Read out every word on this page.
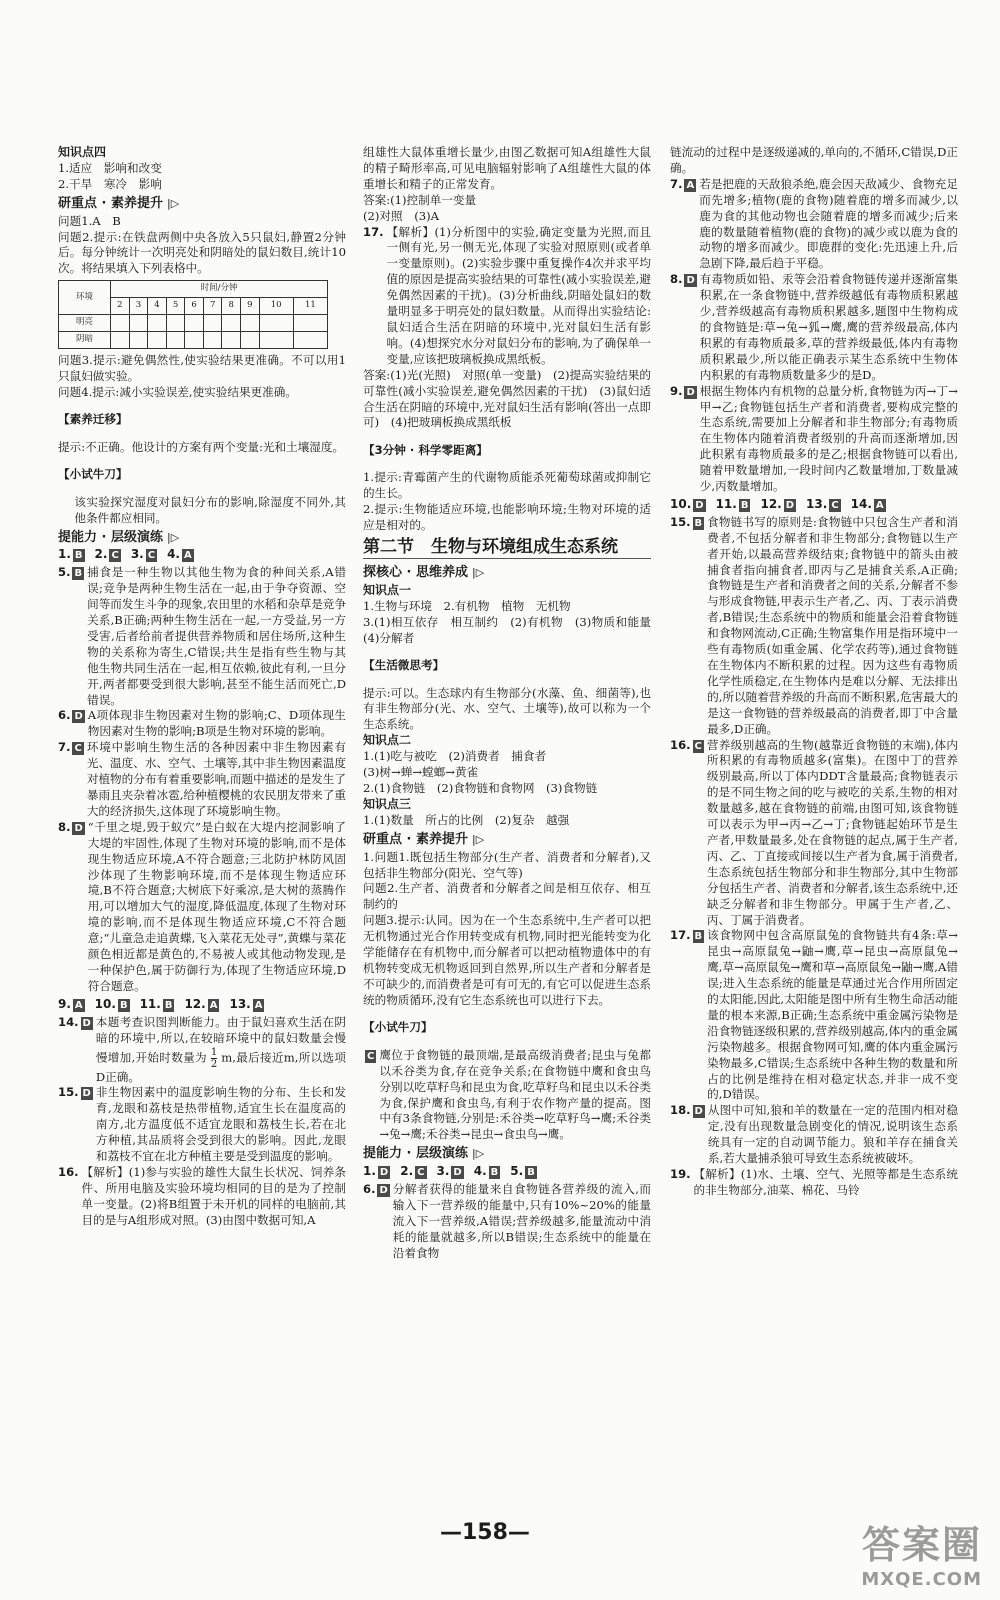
知识点四

1.适应　影响和改变

2.干旱　寒冷　影响

研重点 · 素养提升 |▷

问题1.A　B

问题2.提示:在铁盘两侧中央各放入5只鼠妇,静置2分钟后。每分钟统计一次明亮处和阴暗处的鼠妇数目,统计10次。将结果填入下列表格中。

环境	时间/分钟									
	2	3	4	5	6	7	8	9	10	11
明亮										
阴暗										

问题3.提示:避免偶然性,使实验结果更准确。不可以用1只鼠妇做实验。

问题4.提示:减小实验误差,使实验结果更准确。

【素养迁移】

提示:不正确。他设计的方案有两个变量:光和土壤湿度。

【小试牛刀】

该实验探究湿度对鼠妇分布的影响,除湿度不同外,其他条件都应相同。
提能力 · 层级演练 |▷
1. B 2. C 3. C 4. A
5. B 捕食是一种生物以其他生物为食的种间关系,A错误;竞争是两种生物生活在一起,由于争夺资源、空间等而发生斗争的现象,农田里的水稻和杂草是竞争关系,B正确;两种生物生活在一起,一方受益,另一方受害,后者给前者提供营养物质和居住场所,这种生物的关系称为寄生,C错误;共生是指有些生物与其他生物共同生活在一起,相互依赖,彼此有利,一旦分开,两者都要受到很大影响,甚至不能生活而死亡,D错误。
6. D A项体现非生物因素对生物的影响;C、D项体现生物因素对生物的影响;B项是生物对环境的影响。
7. C 环境中影响生物生活的各种因素中非生物因素有光、温度、水、空气、土壤等,其中非生物因素温度对植物的分布有着重要影响,而题中描述的是发生了暴雨且夹杂着冰雹,给种植樱桃的农民朋友带来了重大的经济损失,这体现了环境影响生物。
8. D “千里之堤,毁于蚁穴”是白蚁在大堤内挖洞影响了大堤的牢固性,体现了生物对环境的影响,而不是体现生物适应环境,A不符合题意;三北防护林防风固沙体现了生物影响环境,而不是体现生物适应环境,B不符合题意;大树底下好乘凉,是大树的蒸腾作用,可以增加大气的湿度,降低温度,体现了生物对环境的影响,而不是体现生物适应环境,C不符合题意;“儿童急走追黄蝶,飞入菜花无处寻”,黄蝶与菜花颜色相近都是黄色的,不易被人或其他动物发现,是一种保护色,属于防御行为,体现了生物适应环境,D符合题意。
9. A 10. B 11. B 12. A 13. A
14. D 本题考查识图判断能力。由于鼠妇喜欢生活在阴暗的环境中,所以,在较暗环境中的鼠妇数量会慢慢增加,开始时数量为 $\frac{1}{2} m$,最后接近m,所以选项D正确。
15. D 非生物因素中的温度影响生物的分布、生长和发育,龙眼和荔枝是热带植物,适宜生长在温度高的南方,北方温度低不适宜龙眼和荔枝生长,若在北方种植,其品质将会受到很大的影响。因此,龙眼和荔枝不宜在北方种植主要是受到温度的影响。
16. 【解析】(1)参与实验的雄性大鼠生长状况、饲养条件、所用电脑及实验环境均相同的目的是为了控制单一变量。(2)将B组置于未开机的同样的电脑前,其目的是与A组形成对照。(3)由图中数据可知,A

组雄性大鼠体重增长量少,由图乙数据可知A组雄性大鼠的精子畸形率高,可见电脑辐射影响了A组雄性大鼠的体重增长和精子的正常发育。

答案:(1)控制单一变量

(2)对照　(3)A

17. 【解析】(1)分析图中的实验,确定变量为光照,而且一侧有光,另一侧无光,体现了实验对照原则(或者单一变量原则)。(2)实验步骤中重复操作4次并求平均值的原因是提高实验结果的可靠性(减小实验误差,避免偶然因素的干扰)。(3)分析曲线,阴暗处鼠妇的数量明显多于明亮处的鼠妇数量。从而得出实验结论:鼠妇适合生活在阴暗的环境中,光对鼠妇生活有影响。(4)想探究水分对鼠妇分布的影响,为了确保单一变量,应该把玻璃板换成黑纸板。

答案:(1)光(光照)　对照(单一变量)　(2)提高实验结果的可靠性(减小实验误差,避免偶然因素的干扰)　(3)鼠妇适合生活在阴暗的环境中,光对鼠妇生活有影响(答出一点即可)　(4)把玻璃板换成黑纸板

【3分钟 · 科学零距离】

1.提示:青霉菌产生的代谢物质能杀死葡萄球菌或抑制它的生长。

2.提示:生物能适应环境,也能影响环境;生物对环境的适应是相对的。

第二节　生物与环境组成生态系统

探核心 · 思维养成 |▷

知识点一

1.生物与环境　2.有机物　植物　无机物

3.(1)相互依存　相互制约　(2)有机物　(3)物质和能量　(4)分解者

【生活微思考】

提示:可以。生态球内有生物部分(水藻、鱼、细菌等),也有非生物部分(光、水、空气、土壤等),故可以称为一个生态系统。

知识点二

1.(1)吃与被吃　(2)消费者　捕食者

(3)树→蝉→螳螂→黄雀

2.(1)食物链　(2)食物链和食物网　(3)食物链

知识点三

1.(1)数量　所占的比例　(2)复杂　越强

研重点 · 素养提升 |▷

1.问题1.既包括生物部分(生产者、消费者和分解者),又包括非生物部分(阳光、空气等)

问题2.生产者、消费者和分解者之间是相互依存、相互制约的

问题3.提示:认同。因为在一个生态系统中,生产者可以把无机物通过光合作用转变成有机物,同时把光能转变为化学能储存在有机物中,而分解者可以把动植物遗体中的有机物转变成无机物返回到自然界,所以生产者和分解者是不可缺少的,而消费者是可有可无的,有它可以促进生态系统的物质循环,没有它生态系统也可以进行下去。

【小试牛刀】

C 鹰位于食物链的最顶端,是最高级消费者;昆虫与兔都以禾谷类为食,存在竞争关系;在食物链中鹰和食虫鸟分别以吃草籽鸟和昆虫为食,吃草籽鸟和昆虫以禾谷类为食,保护鹰和食虫鸟,有利于农作物产量的提高。图中有3条食物链,分别是:禾谷类→吃草籽鸟→鹰;禾谷类→兔→鹰;禾谷类→昆虫→食虫鸟→鹰。
提能力 · 层级演练 |▷
1. D 2. C 3. D 4. B 5. B
6. D 分解者获得的能量来自食物链各营养级的流入,而输入下一营养级的能量中,只有10%~20%的能量流入下一营养级,A错误;营养级越多,能量流动中消耗的能量就越多,所以B错误;生态系统中的能量在沿着食物

链流动的过程中是逐级递减的,单向的,不循环,C错误,D正确。

7. A 若是把鹿的天敌狼杀绝,鹿会因天敌减少、食物充足而先增多;植物(鹿的食物)随着鹿的增多而减少,以鹿为食的其他动物也会随着鹿的增多而减少;后来鹿的数量随着植物(鹿的食物)的减少或以鹿为食的动物的增多而减少。即鹿群的变化:先迅速上升,后急剧下降,最后趋于平稳。
8. D 有毒物质如铅、汞等会沿着食物链传递并逐渐富集积累,在一条食物链中,营养级越低有毒物质积累越少,营养级越高有毒物质积累越多,题图中生物构成的食物链是:草→兔→狐→鹰,鹰的营养级最高,体内积累的有毒物质最多,草的营养级最低,体内有毒物质积累最少,所以能正确表示某生态系统中生物体内积累的有毒物质数量多少的是D。
9. D 根据生物体内有机物的总量分析,食物链为丙→丁→甲→乙;食物链包括生产者和消费者,要构成完整的生态系统,需要加上分解者和非生物部分;有毒物质在生物体内随着消费者级别的升高而逐渐增加,因此积累有毒物质最多的是乙;根据食物链可以看出,随着甲数量增加,一段时间内乙数量增加,丁数量减少,丙数量增加。
10. D 11. B 12. D 13. C 14. A
15. B 食物链书写的原则是:食物链中只包含生产者和消费者,不包括分解者和非生物部分;食物链以生产者开始,以最高营养级结束;食物链中的箭头由被捕食者指向捕食者,即丙与乙是捕食关系,A正确;食物链是生产者和消费者之间的关系,分解者不参与形成食物链,甲表示生产者,乙、丙、丁表示消费者,B错误;生态系统中的物质和能量会沿着食物链和食物网流动,C正确;生物富集作用是指环境中一些有毒物质(如重金属、化学农药等),通过食物链在生物体内不断积累的过程。因为这些有毒物质化学性质稳定,在生物体内是难以分解、无法排出的,所以随着营养级的升高而不断积累,危害最大的是这一食物链的营养级最高的消费者,即丁中含量最多,D正确。
16. C 营养级别越高的生物(越靠近食物链的末端),体内所积累的有毒物质越多(富集)。在图中丁的营养级别最高,所以丁体内DDT含量最高;食物链表示的是不同生物之间的吃与被吃的关系,生物的相对数量越多,越在食物链的前端,由图可知,该食物链可以表示为甲→丙→乙→丁;食物链起始环节是生产者,甲数量最多,处在食物链的起点,属于生产者,丙、乙、丁直接或间接以生产者为食,属于消费者,生态系统包括生物部分和非生物部分,其中生物部分包括生产者、消费者和分解者,该生态系统中,还缺乏分解者和非生物部分。甲属于生产者,乙、丙、丁属于消费者。
17. B 该食物网中包含高原鼠兔的食物链共有4条:草→昆虫→高原鼠兔→鼬→鹰,草→昆虫→高原鼠兔→鹰,草→高原鼠兔→鹰和草→高原鼠兔→鼬→鹰,A错误;进入生态系统的能量是草通过光合作用所固定的太阳能,因此,太阳能是图中所有生物生命活动能量的根本来源,B正确;生态系统中重金属污染物是沿食物链逐级积累的,营养级别越高,体内的重金属污染物越多。根据食物网可知,鹰的体内重金属污染物最多,C错误;生态系统中各种生物的数量和所占的比例是维持在相对稳定状态,并非一成不变的,D错误。
18. D 从图中可知,狼和羊的数量在一定的范围内相对稳定,没有出现数量急剧变化的情况,说明该生态系统具有一定的自动调节能力。狼和羊存在捕食关系,若大量捕杀狼可导致生态系统被破坏。
19. 【解析】(1)水、土壤、空气、光照等都是生态系统的非生物部分,油菜、棉花、马铃
—158—	答案圈
MXQE.COM
